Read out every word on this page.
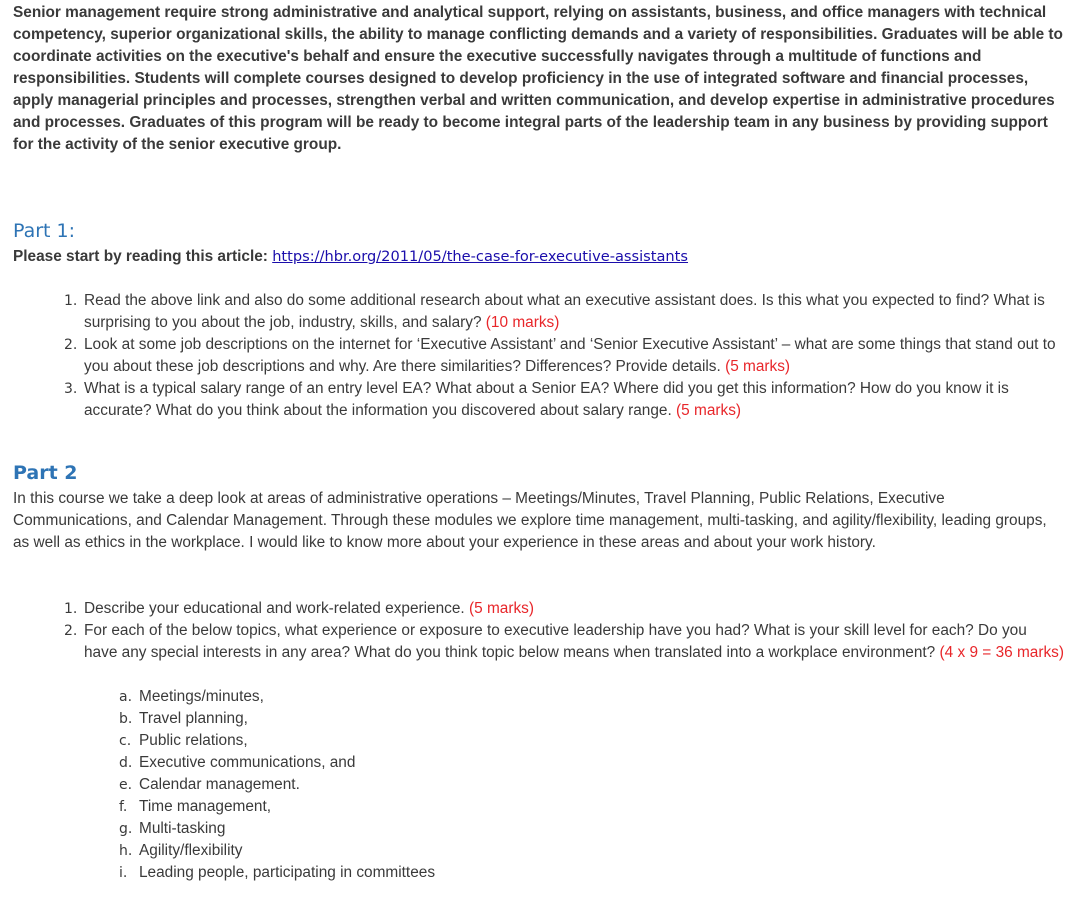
Senior management require strong administrative and analytical support, relying on assistants, business, and office managers with technical competency, superior organizational skills, the ability to manage conflicting demands and a variety of responsibilities. Graduates will be able to coordinate activities on the executive's behalf and ensure the executive successfully navigates through a multitude of functions and responsibilities. Students will complete courses designed to develop proficiency in the use of integrated software and financial processes, apply managerial principles and processes, strengthen verbal and written communication, and develop expertise in administrative procedures and processes. Graduates of this program will be ready to become integral parts of the leadership team in any business by providing support for the activity of the senior executive group.

Part 1:

Please start by reading this article: https://hbr.org/2011/05/the-case-for-executive-assistants

1. Read the above link and also do some additional research about what an executive assistant does. Is this what you expected to find? What is surprising to you about the job, industry, skills, and salary? (10 marks)
2. Look at some job descriptions on the internet for ‘Executive Assistant’ and ‘Senior Executive Assistant’ – what are some things that stand out to you about these job descriptions and why. Are there similarities? Differences? Provide details. (5 marks)
3. What is a typical salary range of an entry level EA? What about a Senior EA? Where did you get this information? How do you know it is accurate? What do you think about the information you discovered about salary range. (5 marks)
Part 2

In this course we take a deep look at areas of administrative operations – Meetings/Minutes, Travel Planning, Public Relations, Executive Communications, and Calendar Management. Through these modules we explore time management, multi-tasking, and agility/flexibility, leading groups, as well as ethics in the workplace. I would like to know more about your experience in these areas and about your work history.

1. Describe your educational and work-related experience. (5 marks)
2. For each of the below topics, what experience or exposure to executive leadership have you had? What is your skill level for each? Do you have any special interests in any area? What do you think topic below means when translated into a workplace environment? (4 x 9 = 36 marks)
a. Meetings/minutes,
b. Travel planning,
c. Public relations,
d. Executive communications, and
e. Calendar management.
f. Time management,
g. Multi-tasking
h. Agility/flexibility
i. Leading people, participating in committees
